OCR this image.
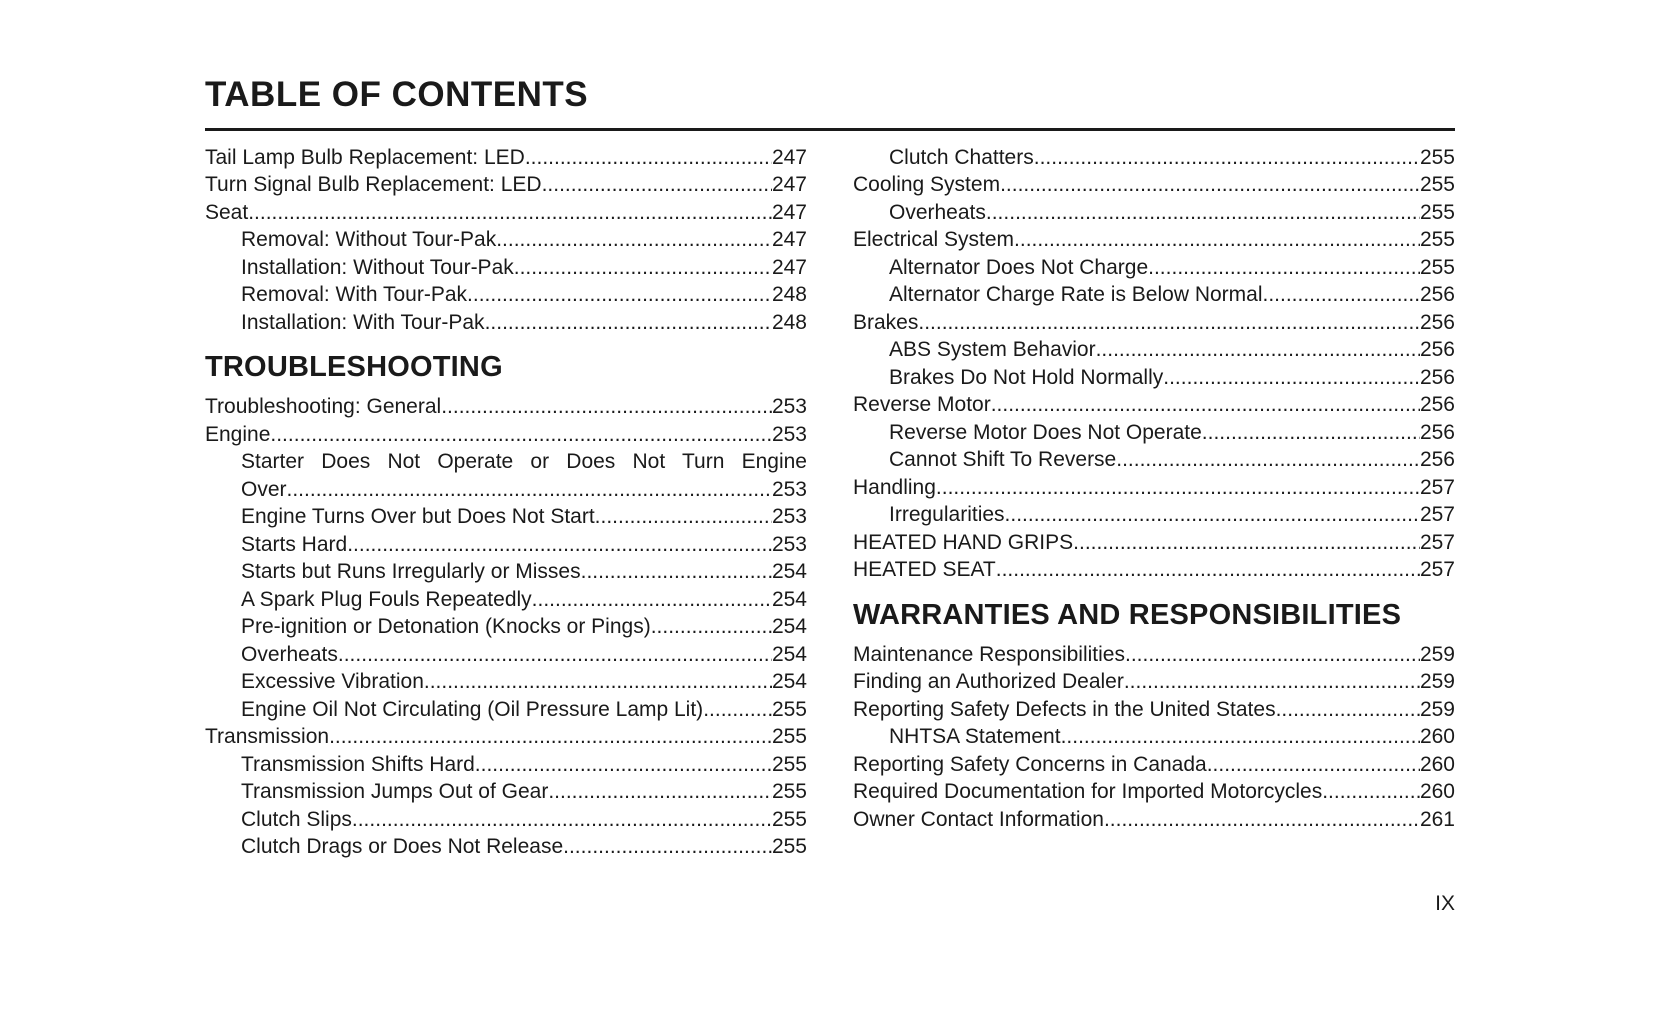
TABLE OF CONTENTS
Tail Lamp Bulb Replacement: LED .....	247
Turn Signal Bulb Replacement: LED .....	247
Seat .....	247
Removal: Without Tour-Pak .....	247
Installation: Without Tour-Pak .....	247
Removal: With Tour-Pak .....	248
Installation: With Tour-Pak .....	248
TROUBLESHOOTING
Troubleshooting: General .....	253
Engine .....	253
Starter Does Not Operate or Does Not Turn Engine
Over .....	253
Engine Turns Over but Does Not Start .....	253
Starts Hard .....	253
Starts but Runs Irregularly or Misses .....	254
A Spark Plug Fouls Repeatedly .....	254
Pre-ignition or Detonation (Knocks or Pings) .....	254
Overheats .....	254
Excessive Vibration .....	254
Engine Oil Not Circulating (Oil Pressure Lamp Lit) .....	255
Transmission .....	255
Transmission Shifts Hard .....	255
Transmission Jumps Out of Gear .....	255
Clutch Slips .....	255
Clutch Drags or Does Not Release .....	255
Clutch Chatters .....	255
Cooling System .....	255
Overheats .....	255
Electrical System .....	255
Alternator Does Not Charge .....	255
Alternator Charge Rate is Below Normal .....	256
Brakes .....	256
ABS System Behavior .....	256
Brakes Do Not Hold Normally .....	256
Reverse Motor .....	256
Reverse Motor Does Not Operate .....	256
Cannot Shift To Reverse .....	256
Handling .....	257
Irregularities .....	257
HEATED HAND GRIPS .....	257
HEATED SEAT .....	257
WARRANTIES AND RESPONSIBILITIES
Maintenance Responsibilities .....	259
Finding an Authorized Dealer .....	259
Reporting Safety Defects in the United States .....	259
NHTSA Statement .....	260
Reporting Safety Concerns in Canada .....	260
Required Documentation for Imported Motorcycles .....	260
Owner Contact Information .....	261
IX
